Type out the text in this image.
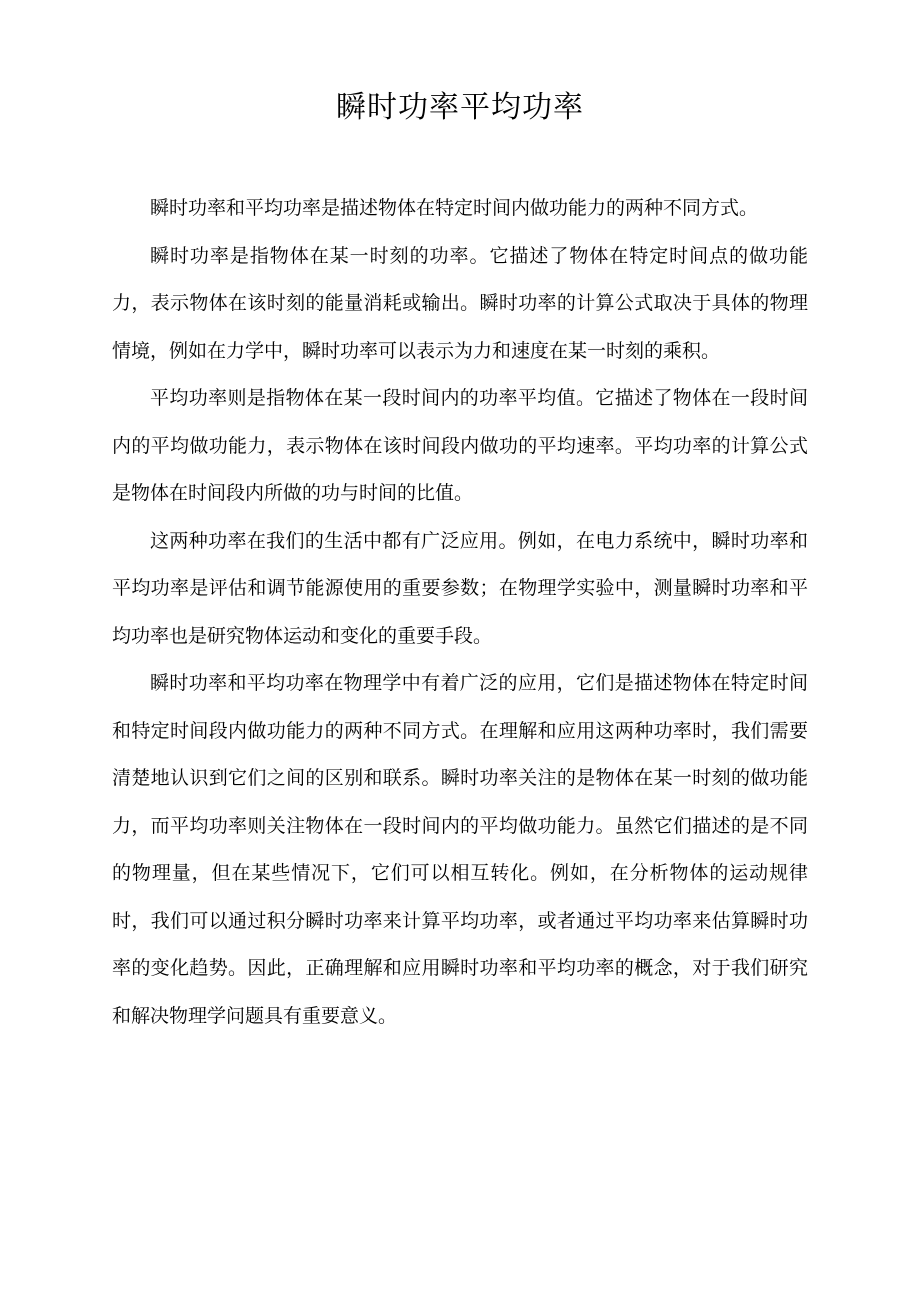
瞬时功率平均功率

瞬时功率和平均功率是描述物体在特定时间内做功能力的两种不同方式。

瞬时功率是指物体在某一时刻的功率。它描述了物体在特定时间点的做功能力，表示物体在该时刻的能量消耗或输出。瞬时功率的计算公式取决于具体的物理情境，例如在力学中，瞬时功率可以表示为力和速度在某一时刻的乘积。

平均功率则是指物体在某一段时间内的功率平均值。它描述了物体在一段时间内的平均做功能力，表示物体在该时间段内做功的平均速率。平均功率的计算公式是物体在时间段内所做的功与时间的比值。

这两种功率在我们的生活中都有广泛应用。例如，在电力系统中，瞬时功率和平均功率是评估和调节能源使用的重要参数；在物理学实验中，测量瞬时功率和平均功率也是研究物体运动和变化的重要手段。

瞬时功率和平均功率在物理学中有着广泛的应用，它们是描述物体在特定时间和特定时间段内做功能力的两种不同方式。在理解和应用这两种功率时，我们需要清楚地认识到它们之间的区别和联系。瞬时功率关注的是物体在某一时刻的做功能力，而平均功率则关注物体在一段时间内的平均做功能力。虽然它们描述的是不同的物理量，但在某些情况下，它们可以相互转化。例如，在分析物体的运动规律时，我们可以通过积分瞬时功率来计算平均功率，或者通过平均功率来估算瞬时功率的变化趋势。因此，正确理解和应用瞬时功率和平均功率的概念，对于我们研究和解决物理学问题具有重要意义。
